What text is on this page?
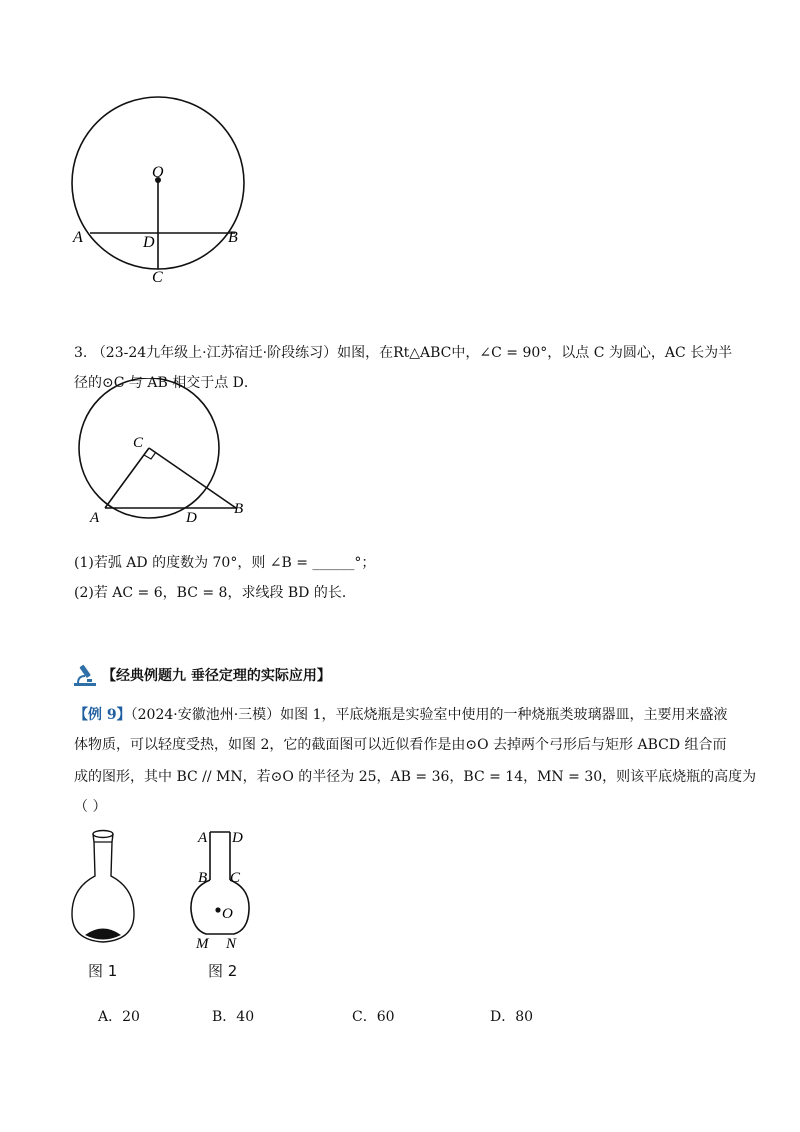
O
A	D	B
C
3. （23-24九年级上·江苏宿迁·阶段练习）如图，在Rt△ABC中，∠C = 90°，以点 C 为圆心，AC 长为半
径的⊙C 与 AB 相交于点 D．
C
A	D
B
(1)若弧 AD 的度数为 70°，则 ∠B = ______°；
(2)若 AC = 6，BC = 8，求线段 BD 的长．
【经典例题九 垂径定理的实际应用】
【例 9】（2024·安徽池州·三模）如图 1，平底烧瓶是实验室中使用的一种烧瓶类玻璃器皿，主要用来盛液
体物质，可以轻度受热，如图 2，它的截面图可以近似看作是由⊙O 去掉两个弓形后与矩形 ABCD 组合而
成的图形，其中 BC // MN，若⊙O 的半径为 25，AB = 36，BC = 14，MN = 30，则该平底烧瓶的高度为
（ ）
A D
B C
O
M N
图 1	图 2
A．20	B．40	C．60	D．80
